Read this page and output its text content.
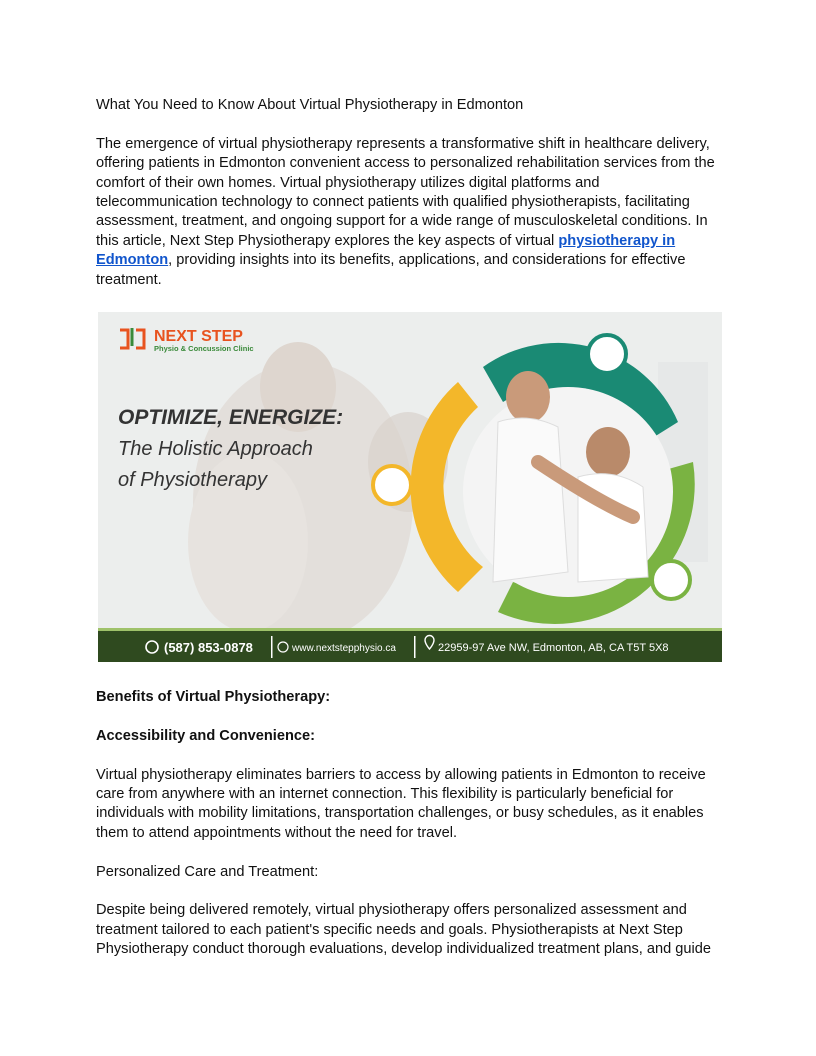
What You Need to Know About Virtual Physiotherapy in Edmonton

The emergence of virtual physiotherapy represents a transformative shift in healthcare delivery, offering patients in Edmonton convenient access to personalized rehabilitation services from the comfort of their own homes. Virtual physiotherapy utilizes digital platforms and telecommunication technology to connect patients with qualified physiotherapists, facilitating assessment, treatment, and ongoing support for a wide range of musculoskeletal conditions. In this article, Next Step Physiotherapy explores the key aspects of virtual physiotherapy in Edmonton, providing insights into its benefits, applications, and considerations for effective treatment.

NEXT STEP
Physio & Concussion Clinic
OPTIMIZE, ENERGIZE:
The Holistic Approach
of Physiotherapy
(587) 853-0878	www.nextstepphysio.ca	22959-97 Ave NW, Edmonton, AB, CA T5T 5X8

Benefits of Virtual Physiotherapy:

Accessibility and Convenience:

Virtual physiotherapy eliminates barriers to access by allowing patients in Edmonton to receive care from anywhere with an internet connection. This flexibility is particularly beneficial for individuals with mobility limitations, transportation challenges, or busy schedules, as it enables them to attend appointments without the need for travel.

Personalized Care and Treatment:

Despite being delivered remotely, virtual physiotherapy offers personalized assessment and treatment tailored to each patient's specific needs and goals. Physiotherapists at Next Step Physiotherapy conduct thorough evaluations, develop individualized treatment plans, and guide
